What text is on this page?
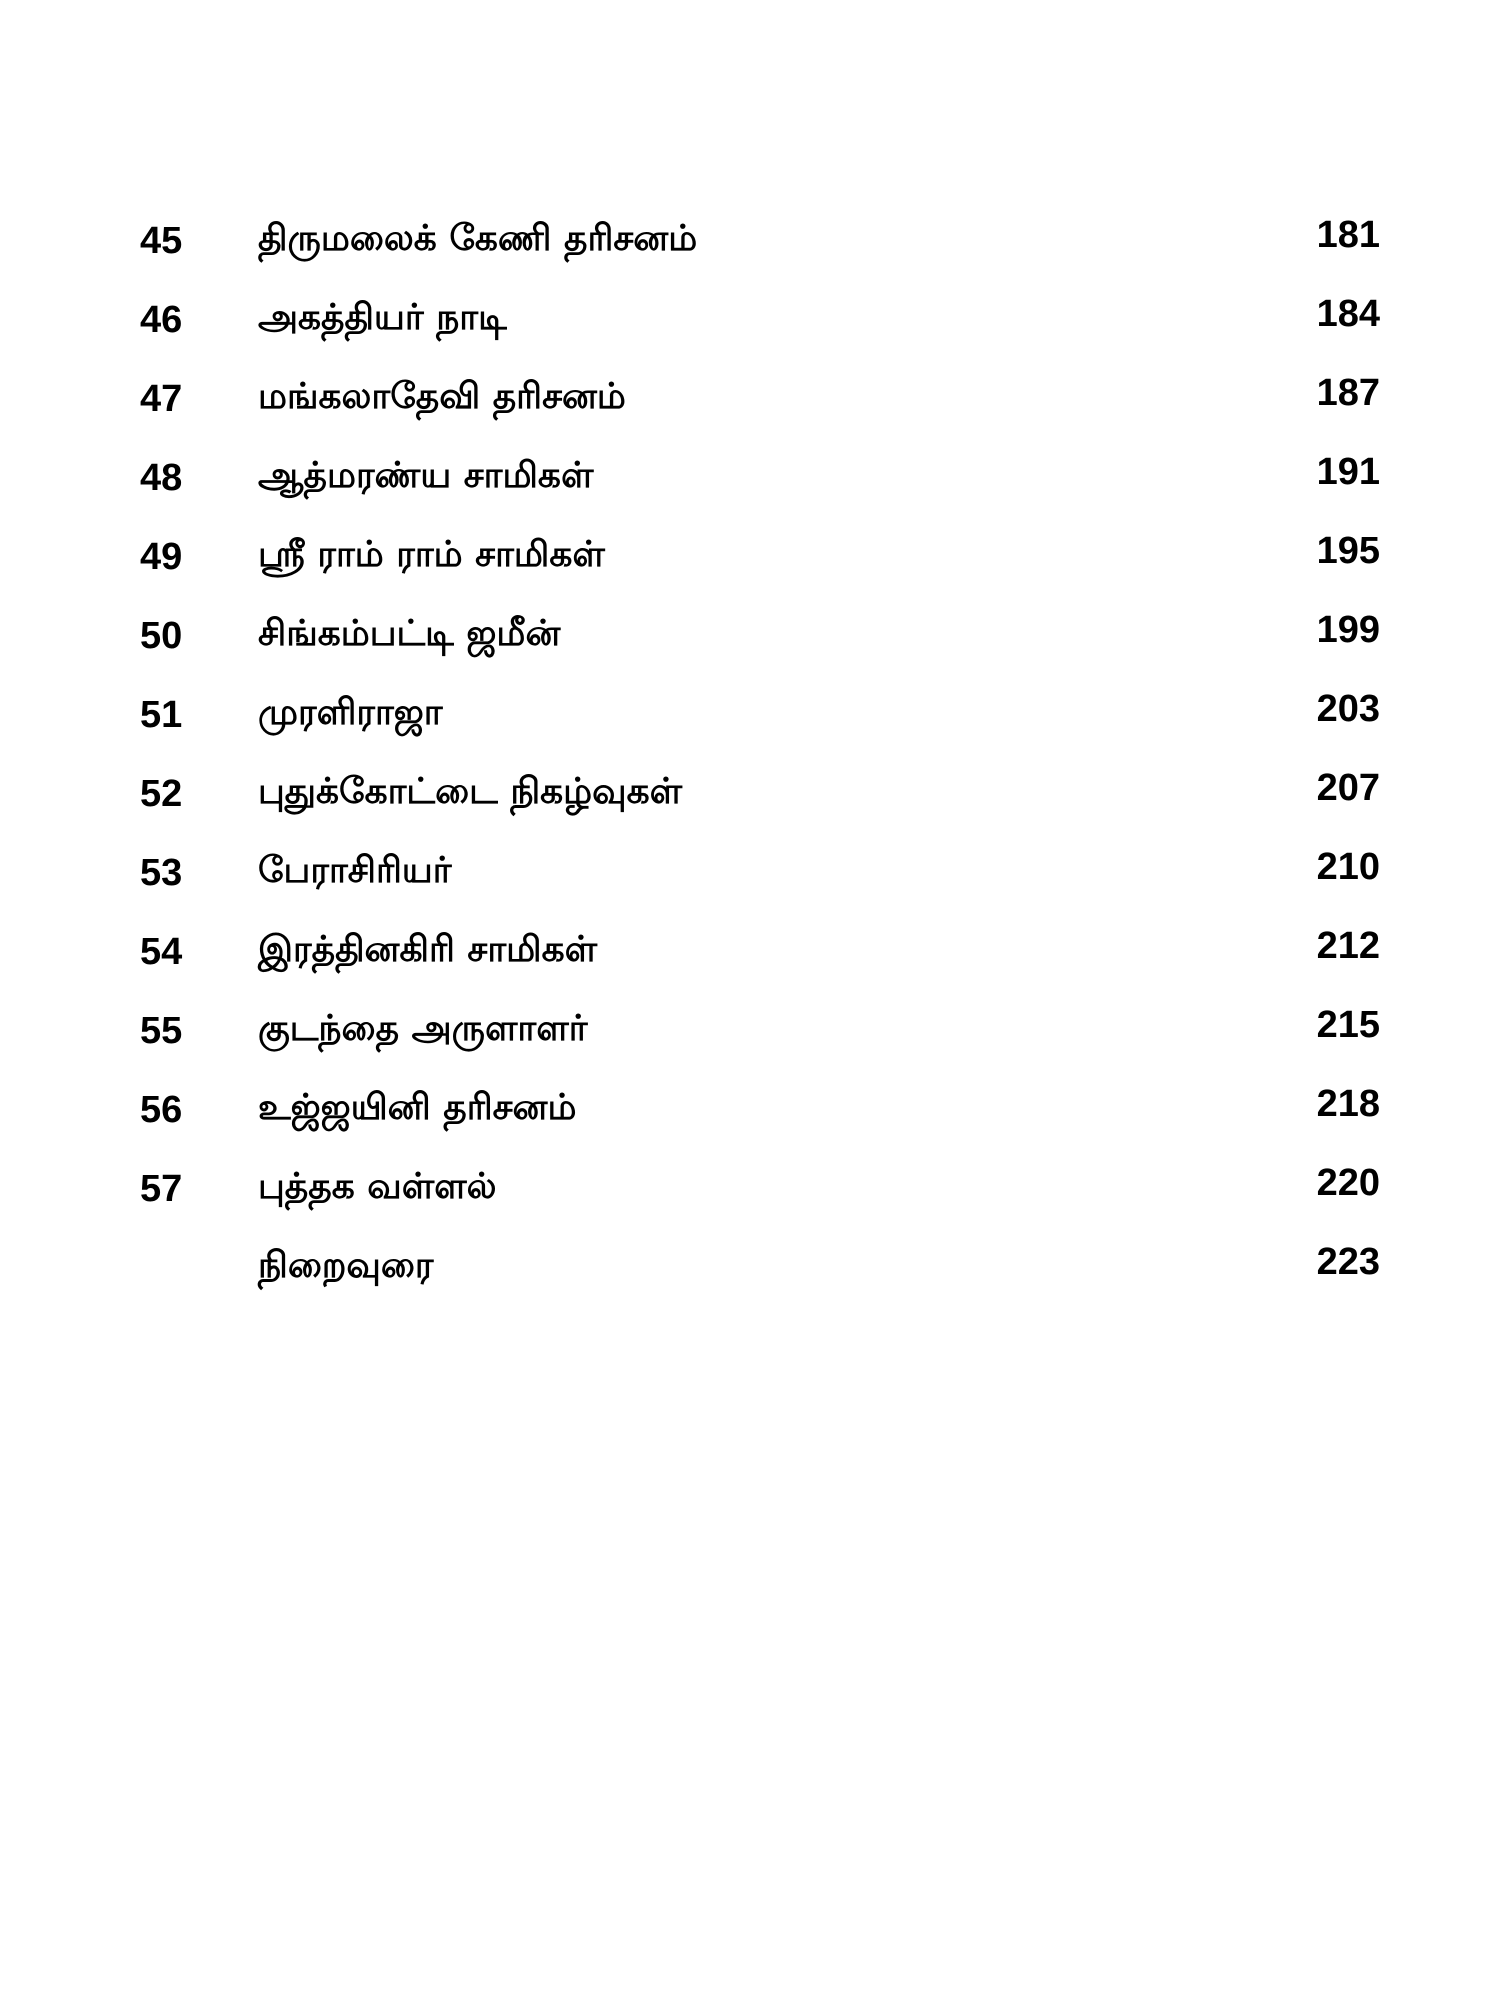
45 திருமலைக் கேணி தரிசனம்	181
46 அகத்தியர் நாடி	184
47 மங்கலாதேவி தரிசனம்	187
48 ஆத்மரண்ய சாமிகள்	191
49 ஸ்ரீ ராம் ராம் சாமிகள்	195
50 சிங்கம்பட்டி ஜமீன்	199
51 முரளிராஜா	203
52 புதுக்கோட்டை நிகழ்வுகள்	207
53 பேராசிரியர்	210
54 இரத்தினகிரி சாமிகள்	212
55 குடந்தை அருளாளர்	215
56 உஜ்ஜயினி தரிசனம்	218
57 புத்தக வள்ளல்	220
நிறைவுரை	223
